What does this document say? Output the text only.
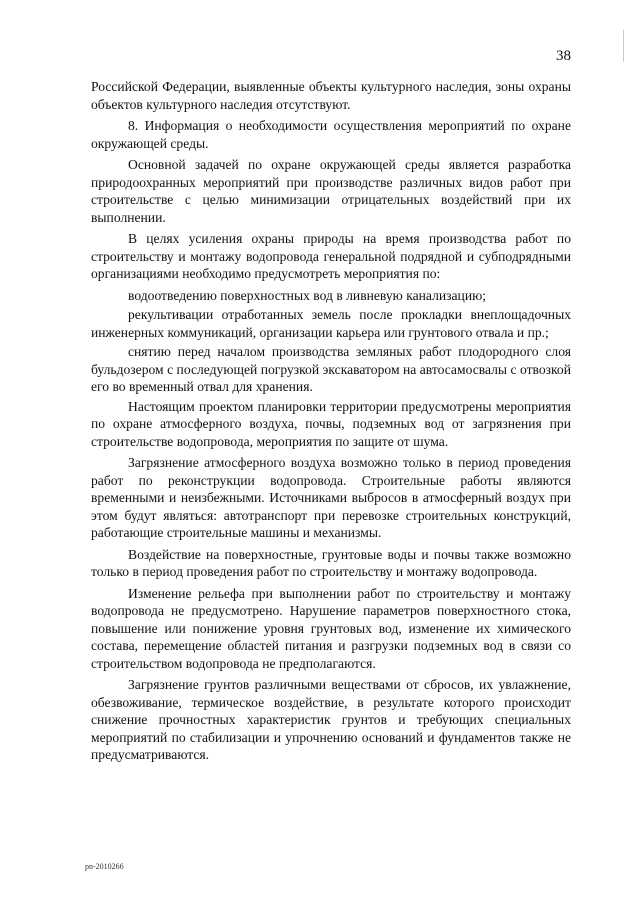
38

Российской Федерации, выявленные объекты культурного наследия, зоны охраны объектов культурного наследия отсутствуют.

8. Информация о необходимости осуществления мероприятий по охране окружающей среды.

Основной задачей по охране окружающей среды является разработка природоохранных мероприятий при производстве различных видов работ при строительстве с целью минимизации отрицательных воздействий при их выполнении.

В целях усиления охраны природы на время производства работ по строительству и монтажу водопровода генеральной подрядной и субподрядными организациями необходимо предусмотреть мероприятия по:

водоотведению поверхностных вод в ливневую канализацию;

рекультивации отработанных земель после прокладки внеплощадочных инженерных коммуникаций, организации карьера или грунтового отвала и пр.;

снятию перед началом производства земляных работ плодородного слоя бульдозером с последующей погрузкой экскаватором на автосамосвалы с отвозкой его во временный отвал для хранения.

Настоящим проектом планировки территории предусмотрены мероприятия по охране атмосферного воздуха, почвы, подземных вод от загрязнения при строительстве водопровода, мероприятия по защите от шума.

Загрязнение атмосферного воздуха возможно только в период проведения работ по реконструкции водопровода. Строительные работы являются временными и неизбежными. Источниками выбросов в атмосферный воздух при этом будут являться: автотранспорт при перевозке строительных конструкций, работающие строительные машины и механизмы.

Воздействие на поверхностные, грунтовые воды и почвы также возможно только в период проведения работ по строительству и монтажу водопровода.

Изменение рельефа при выполнении работ по строительству и монтажу водопровода не предусмотрено. Нарушение параметров поверхностного стока, повышение или понижение уровня грунтовых вод, изменение их химического состава, перемещение областей питания и разгрузки подземных вод в связи со строительством водопровода не предполагаются.

Загрязнение грунтов различными веществами от сбросов, их увлажнение, обезвоживание, термическое воздействие, в результате которого происходит снижение прочностных характеристик грунтов и требующих специальных мероприятий по стабилизации и упрочнению оснований и фундаментов также не предусматриваются.

pn-2010266
